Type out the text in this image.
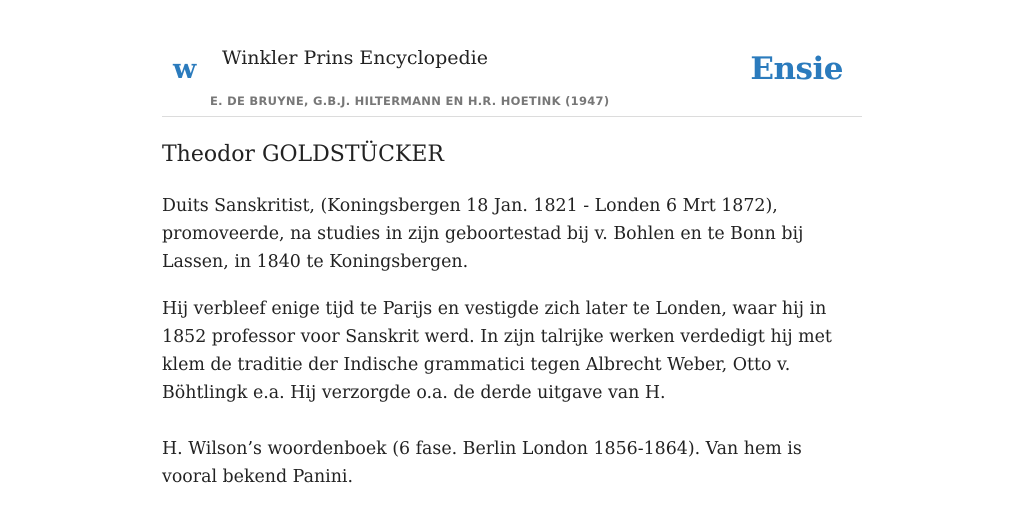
w Winkler Prins Encyclopedie
E. DE BRUYNE, G.B.J. HILTERMANN EN H.R. HOETINK (1947)
Ensie
Theodor GOLDSTÜCKER

Duits Sanskritist, (Koningsbergen 18 Jan. 1821 - Londen 6 Mrt 1872), promoveerde, na studies in zijn geboortestad bij v. Bohlen en te Bonn bij Lassen, in 1840 te Koningsbergen.

Hij verbleef enige tijd te Parijs en vestigde zich later te Londen, waar hij in 1852 professor voor Sanskrit werd. In zijn talrijke werken verdedigt hij met klem de traditie der Indische grammatici tegen Albrecht Weber, Otto v. Böhtlingk e.a. Hij verzorgde o.a. de derde uitgave van H.

H. Wilson’s woordenboek (6 fase. Berlin London 1856-1864). Van hem is vooral bekend Panini.
